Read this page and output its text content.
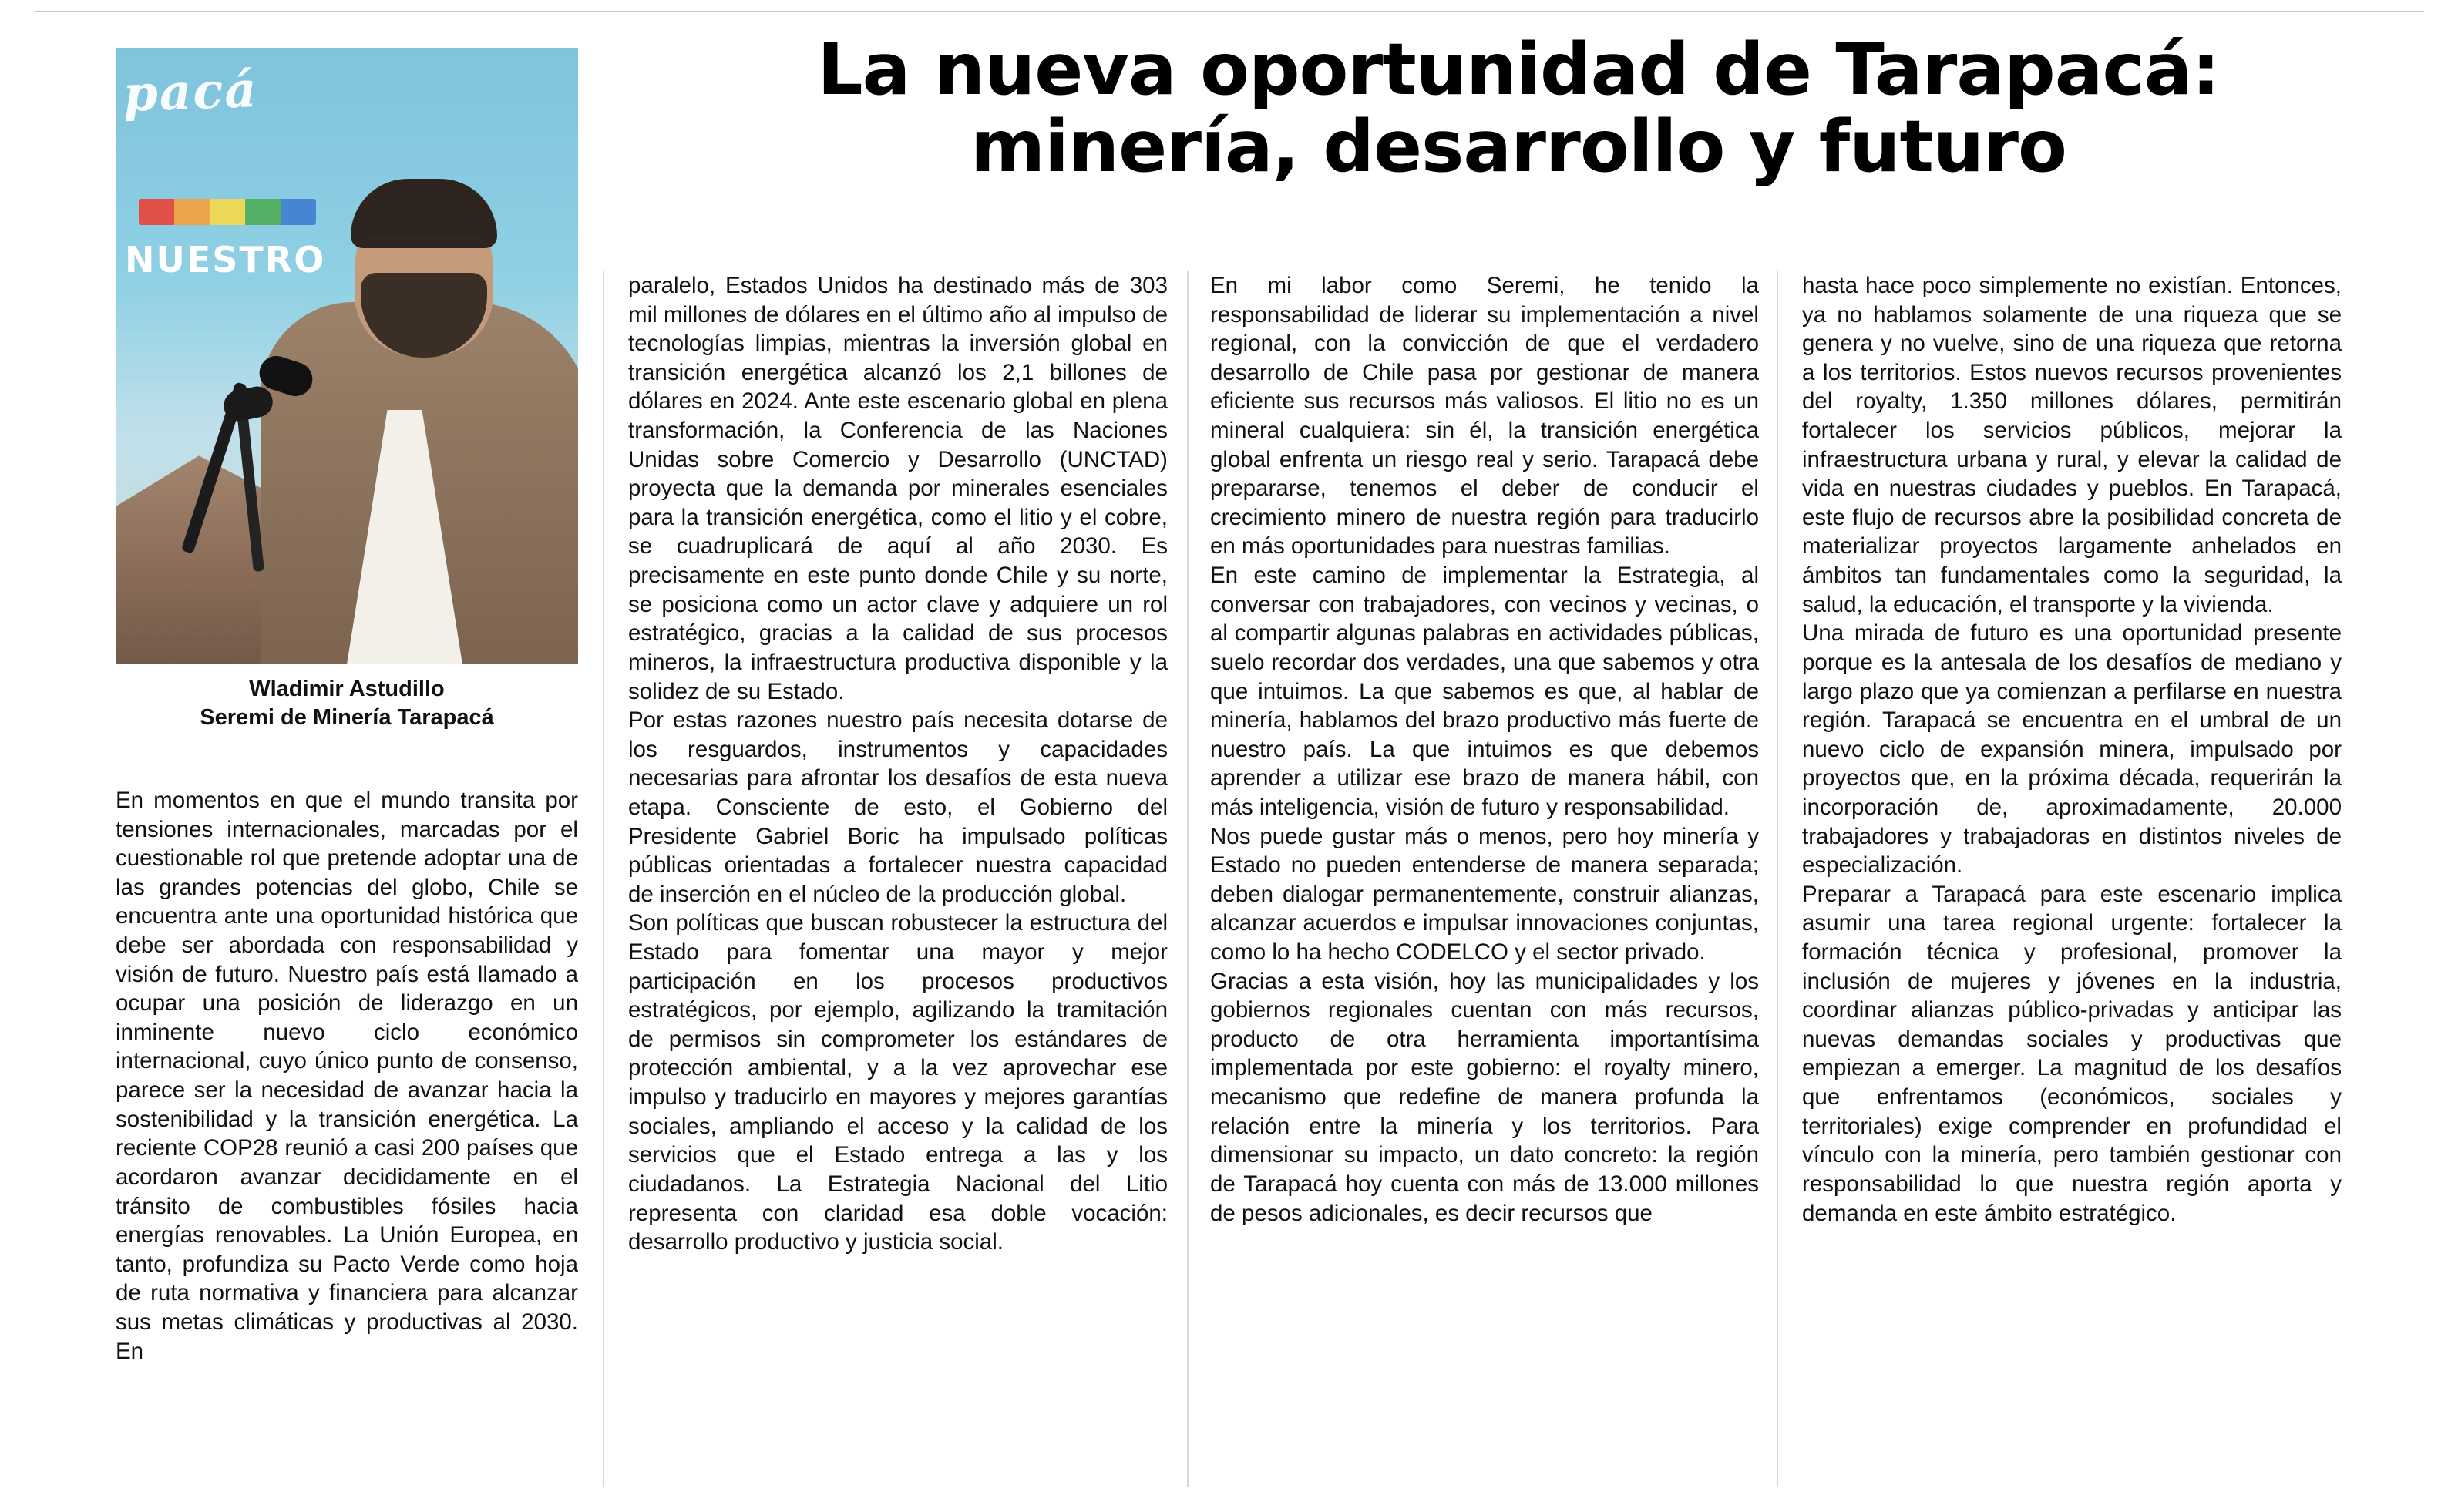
La nueva oportunidad de Tarapacá:
minería, desarrollo y futuro
pacá
NUESTRO
Wladimir Astudillo
Seremi de Minería Tarapacá

En momentos en que el mundo transita por tensiones internacionales, marcadas por el cuestionable rol que pretende adoptar una de las grandes potencias del globo, Chile se encuentra ante una oportunidad histórica que debe ser abordada con responsabilidad y visión de futuro. Nuestro país está llamado a ocupar una posición de liderazgo en un inminente nuevo ciclo económico internacional, cuyo único punto de consenso, parece ser la necesidad de avanzar hacia la sostenibilidad y la transición energética. La reciente COP28 reunió a casi 200 países que acordaron avanzar decididamente en el tránsito de combustibles fósiles hacia energías renovables. La Unión Europea, en tanto, profundiza su Pacto Verde como hoja de ruta normativa y financiera para alcanzar sus metas climáticas y productivas al 2030. En

paralelo, Estados Unidos ha destinado más de 303 mil millones de dólares en el último año al impulso de tecnologías limpias, mientras la inversión global en transición energética alcanzó los 2,1 billones de dólares en 2024. Ante este escenario global en plena transformación, la Conferencia de las Naciones Unidas sobre Comercio y Desarrollo (UNCTAD) proyecta que la demanda por minerales esenciales para la transición energética, como el litio y el cobre, se cuadruplicará de aquí al año 2030. Es precisamente en este punto donde Chile y su norte, se posiciona como un actor clave y adquiere un rol estratégico, gracias a la calidad de sus procesos mineros, la infraestructura productiva disponible y la solidez de su Estado.

Por estas razones nuestro país necesita dotarse de los resguardos, instrumentos y capacidades necesarias para afrontar los desafíos de esta nueva etapa. Consciente de esto, el Gobierno del Presidente Gabriel Boric ha impulsado políticas públicas orientadas a fortalecer nuestra capacidad de inserción en el núcleo de la producción global.

Son políticas que buscan robustecer la estructura del Estado para fomentar una mayor y mejor participación en los procesos productivos estratégicos, por ejemplo, agilizando la tramitación de permisos sin comprometer los estándares de protección ambiental, y a la vez aprovechar ese impulso y traducirlo en mayores y mejores garantías sociales, ampliando el acceso y la calidad de los servicios que el Estado entrega a las y los ciudadanos. La Estrategia Nacional del Litio representa con claridad esa doble vocación: desarrollo productivo y justicia social.

En mi labor como Seremi, he tenido la responsabilidad de liderar su implementación a nivel regional, con la convicción de que el verdadero desarrollo de Chile pasa por gestionar de manera eficiente sus recursos más valiosos. El litio no es un mineral cualquiera: sin él, la transición energética global enfrenta un riesgo real y serio. Tarapacá debe prepararse, tenemos el deber de conducir el crecimiento minero de nuestra región para traducirlo en más oportunidades para nuestras familias.

En este camino de implementar la Estrategia, al conversar con trabajadores, con vecinos y vecinas, o al compartir algunas palabras en actividades públicas, suelo recordar dos verdades, una que sabemos y otra que intuimos. La que sabemos es que, al hablar de minería, hablamos del brazo productivo más fuerte de nuestro país. La que intuimos es que debemos aprender a utilizar ese brazo de manera hábil, con más inteligencia, visión de futuro y responsabilidad.

Nos puede gustar más o menos, pero hoy minería y Estado no pueden entenderse de manera separada; deben dialogar permanentemente, construir alianzas, alcanzar acuerdos e impulsar innovaciones conjuntas, como lo ha hecho CODELCO y el sector privado.

Gracias a esta visión, hoy las municipalidades y los gobiernos regionales cuentan con más recursos, producto de otra herramienta importantísima implementada por este gobierno: el royalty minero, mecanismo que redefine de manera profunda la relación entre la minería y los territorios. Para dimensionar su impacto, un dato concreto: la región de Tarapacá hoy cuenta con más de 13.000 millones de pesos adicionales, es decir recursos que

hasta hace poco simplemente no existían. Entonces, ya no hablamos solamente de una riqueza que se genera y no vuelve, sino de una riqueza que retorna a los territorios. Estos nuevos recursos provenientes del royalty, 1.350 millones dólares, permitirán fortalecer los servicios públicos, mejorar la infraestructura urbana y rural, y elevar la calidad de vida en nuestras ciudades y pueblos. En Tarapacá, este flujo de recursos abre la posibilidad concreta de materializar proyectos largamente anhelados en ámbitos tan fundamentales como la seguridad, la salud, la educación, el transporte y la vivienda.

Una mirada de futuro es una oportunidad presente porque es la antesala de los desafíos de mediano y largo plazo que ya comienzan a perfilarse en nuestra región. Tarapacá se encuentra en el umbral de un nuevo ciclo de expansión minera, impulsado por proyectos que, en la próxima década, requerirán la incorporación de, aproximadamente, 20.000 trabajadores y trabajadoras en distintos niveles de especialización.

Preparar a Tarapacá para este escenario implica asumir una tarea regional urgente: fortalecer la formación técnica y profesional, promover la inclusión de mujeres y jóvenes en la industria, coordinar alianzas público-privadas y anticipar las nuevas demandas sociales y productivas que empiezan a emerger. La magnitud de los desafíos que enfrentamos (económicos, sociales y territoriales) exige comprender en profundidad el vínculo con la minería, pero también gestionar con responsabilidad lo que nuestra región aporta y demanda en este ámbito estratégico.
